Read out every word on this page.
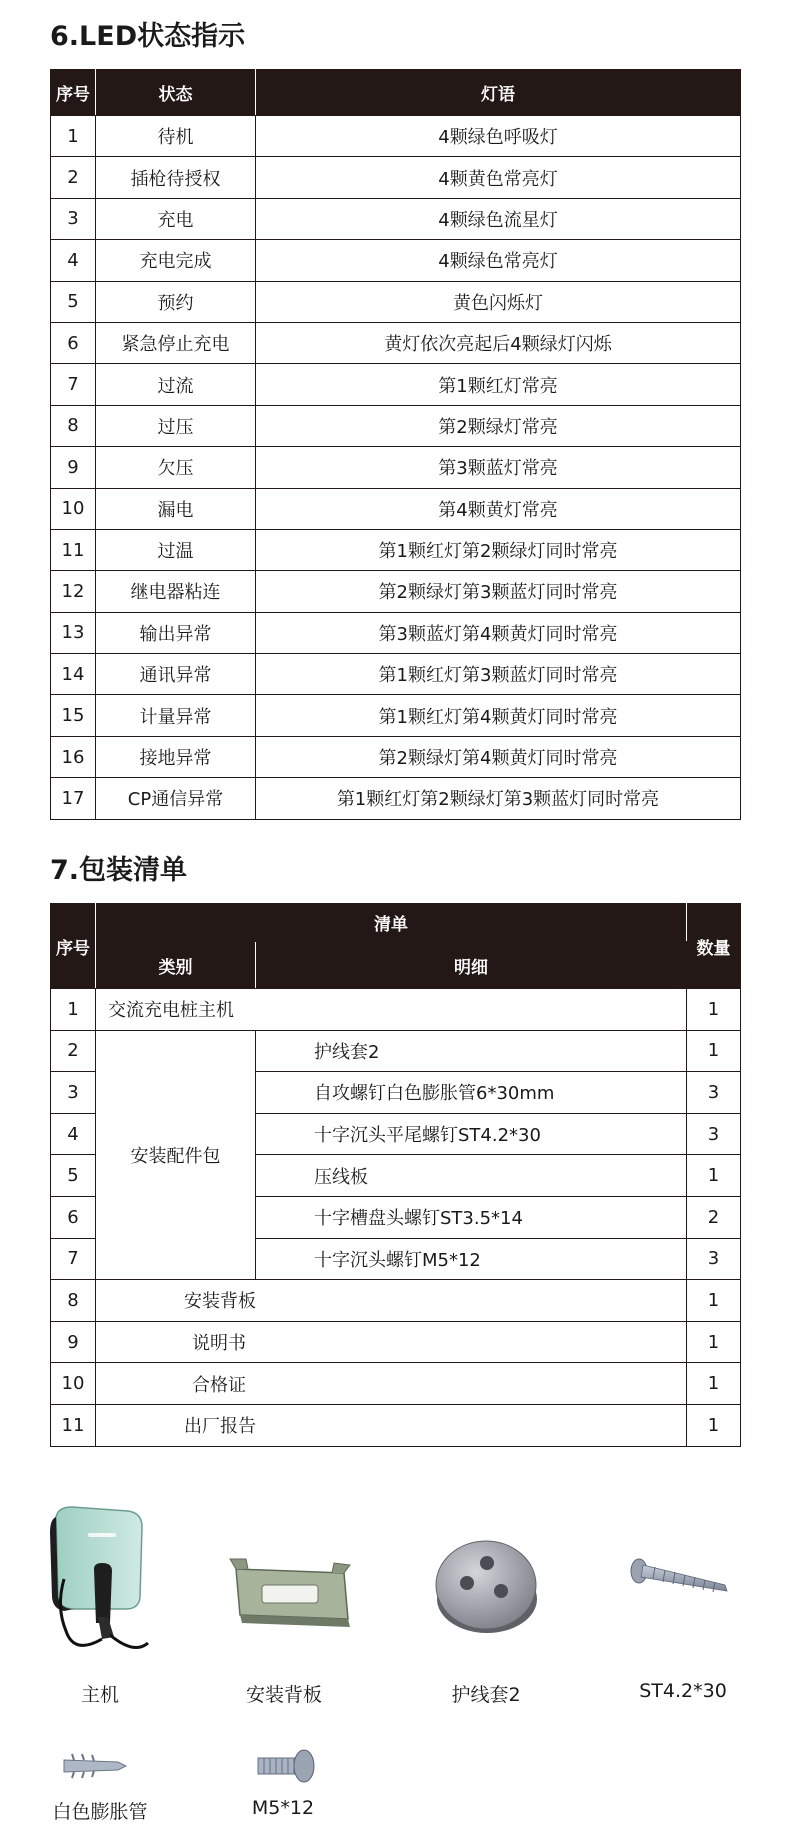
6.LED状态指示
序号	状态	灯语
1	待机	4颗绿色呼吸灯
2	插枪待授权	4颗黄色常亮灯
3	充电	4颗绿色流星灯
4	充电完成	4颗绿色常亮灯
5	预约	黄色闪烁灯
6	紧急停止充电	黄灯依次亮起后4颗绿灯闪烁
7	过流	第1颗红灯常亮
8	过压	第2颗绿灯常亮
9	欠压	第3颗蓝灯常亮
10	漏电	第4颗黄灯常亮
11	过温	第1颗红灯第2颗绿灯同时常亮
12	继电器粘连	第2颗绿灯第3颗蓝灯同时常亮
13	输出异常	第3颗蓝灯第4颗黄灯同时常亮
14	通讯异常	第1颗红灯第3颗蓝灯同时常亮
15	计量异常	第1颗红灯第4颗黄灯同时常亮
16	接地异常	第2颗绿灯第4颗黄灯同时常亮
17	CP通信异常	第1颗红灯第2颗绿灯第3颗蓝灯同时常亮
7.包装清单
序号	清单		数量
	类别	明细	
1	交流充电桩主机		1
2	安装配件包	护线套2	1
3		自攻螺钉白色膨胀管6*30mm	3
4		十字沉头平尾螺钉ST4.2*30	3
5		压线板	1
6		十字槽盘头螺钉ST3.5*14	2
7		十字沉头螺钉M5*12	3
8	安装背板		1
9	说明书		1
10	合格证		1
11	出厂报告		1
主机	安装背板	护线套2	ST4.2*30
白色膨胀管	M5*12
